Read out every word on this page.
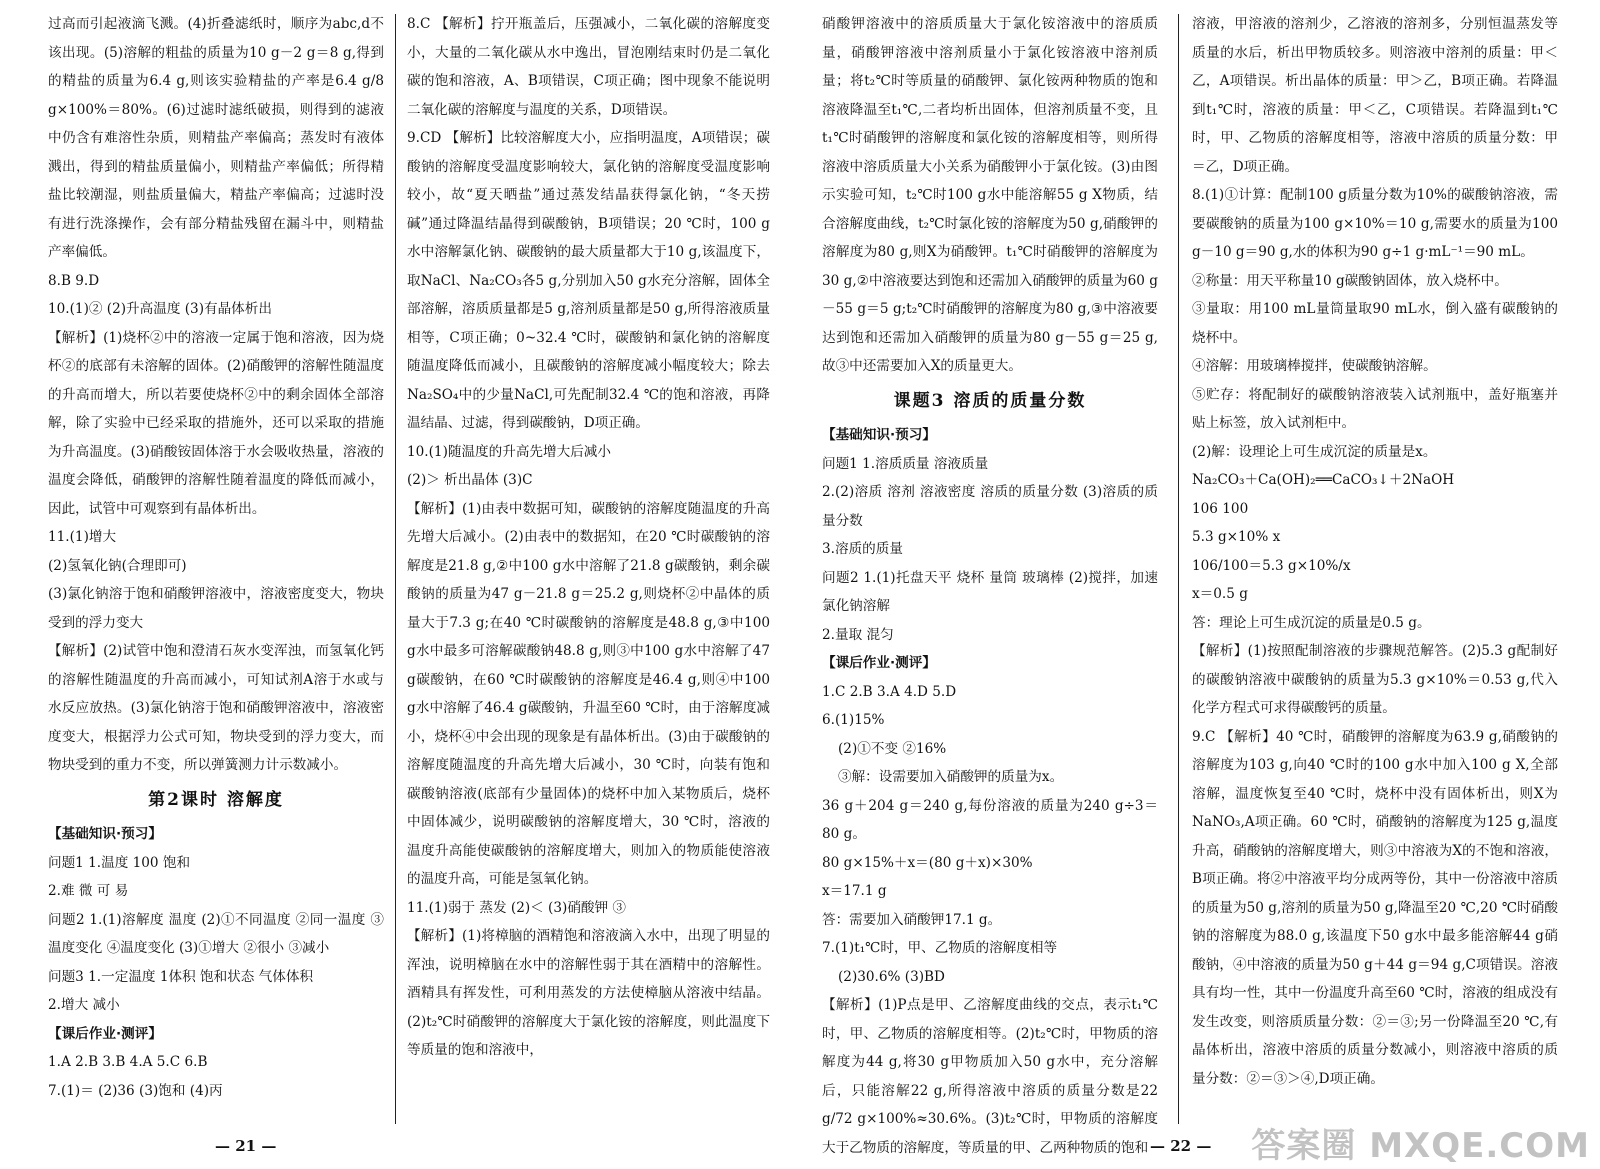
过高而引起液滴飞溅。(4)折叠滤纸时，顺序为abc,d不该出现。(5)溶解的粗盐的质量为10 g－2 g＝8 g,得到的精盐的质量为6.4 g,则该实验精盐的产率是6.4 g/8 g×100%＝80%。(6)过滤时滤纸破损，则得到的滤液中仍含有难溶性杂质，则精盐产率偏高；蒸发时有液体溅出，得到的精盐质量偏小，则精盐产率偏低；所得精盐比较潮湿，则盐质量偏大，精盐产率偏高；过滤时没有进行洗涤操作，会有部分精盐残留在漏斗中，则精盐产率偏低。

8.B 9.D

10.(1)② (2)升高温度 (3)有晶体析出

【解析】(1)烧杯②中的溶液一定属于饱和溶液，因为烧杯②的底部有未溶解的固体。(2)硝酸钾的溶解性随温度的升高而增大，所以若要使烧杯②中的剩余固体全部溶解，除了实验中已经采取的措施外，还可以采取的措施为升高温度。(3)硝酸铵固体溶于水会吸收热量，溶液的温度会降低，硝酸钾的溶解性随着温度的降低而减小，因此，试管中可观察到有晶体析出。

11.(1)增大

(2)氢氧化钠(合理即可)

(3)氯化钠溶于饱和硝酸钾溶液中，溶液密度变大，物块受到的浮力变大

【解析】(2)试管中饱和澄清石灰水变浑浊，而氢氧化钙的溶解性随温度的升高而减小，可知试剂A溶于水或与水反应放热。(3)氯化钠溶于饱和硝酸钾溶液中，溶液密度变大，根据浮力公式可知，物块受到的浮力变大，而物块受到的重力不变，所以弹簧测力计示数减小。

第2课时 溶解度

【基础知识·预习】

问题1 1.温度 100 饱和

2.难 微 可 易

问题2 1.(1)溶解度 温度 (2)①不同温度 ②同一温度 ③温度变化 ④温度变化 (3)①增大 ②很小 ③减小

问题3 1.一定温度 1体积 饱和状态 气体体积

2.增大 减小

【课后作业·测评】

1.A 2.B 3.B 4.A 5.C 6.B

7.(1)＝ (2)36 (3)饱和 (4)丙

8.C 【解析】拧开瓶盖后，压强减小，二氧化碳的溶解度变小，大量的二氧化碳从水中逸出，冒泡刚结束时仍是二氧化碳的饱和溶液，A、B项错误，C项正确；图中现象不能说明二氧化碳的溶解度与温度的关系，D项错误。

9.CD 【解析】比较溶解度大小，应指明温度，A项错误；碳酸钠的溶解度受温度影响较大，氯化钠的溶解度受温度影响较小，故“夏天晒盐”通过蒸发结晶获得氯化钠，“冬天捞碱”通过降温结晶得到碳酸钠，B项错误；20 ℃时，100 g水中溶解氯化钠、碳酸钠的最大质量都大于10 g,该温度下，取NaCl、Na₂CO₃各5 g,分别加入50 g水充分溶解，固体全部溶解，溶质质量都是5 g,溶剂质量都是50 g,所得溶液质量相等，C项正确；0~32.4 ℃时，碳酸钠和氯化钠的溶解度随温度降低而减小，且碳酸钠的溶解度减小幅度较大；除去Na₂SO₄中的少量NaCl,可先配制32.4 ℃的饱和溶液，再降温结晶、过滤，得到碳酸钠，D项正确。

10.(1)随温度的升高先增大后减小

(2)＞ 析出晶体 (3)C

【解析】(1)由表中数据可知，碳酸钠的溶解度随温度的升高先增大后减小。(2)由表中的数据知，在20 ℃时碳酸钠的溶解度是21.8 g,②中100 g水中溶解了21.8 g碳酸钠，剩余碳酸钠的质量为47 g－21.8 g＝25.2 g,则烧杯②中晶体的质量大于7.3 g;在40 ℃时碳酸钠的溶解度是48.8 g,③中100 g水中最多可溶解碳酸钠48.8 g,则③中100 g水中溶解了47 g碳酸钠，在60 ℃时碳酸钠的溶解度是46.4 g,则④中100 g水中溶解了46.4 g碳酸钠，升温至60 ℃时，由于溶解度减小，烧杯④中会出现的现象是有晶体析出。(3)由于碳酸钠的溶解度随温度的升高先增大后减小，30 ℃时，向装有饱和碳酸钠溶液(底部有少量固体)的烧杯中加入某物质后，烧杯中固体减少，说明碳酸钠的溶解度增大，30 ℃时，溶液的温度升高能使碳酸钠的溶解度增大，则加入的物质能使溶液的温度升高，可能是氢氧化钠。

11.(1)弱于 蒸发 (2)＜ (3)硝酸钾 ③

【解析】(1)将樟脑的酒精饱和溶液滴入水中，出现了明显的浑浊，说明樟脑在水中的溶解性弱于其在酒精中的溶解性。酒精具有挥发性，可利用蒸发的方法使樟脑从溶液中结晶。(2)t₂℃时硝酸钾的溶解度大于氯化铵的溶解度，则此温度下等质量的饱和溶液中，

硝酸钾溶液中的溶质质量大于氯化铵溶液中的溶质质量，硝酸钾溶液中溶剂质量小于氯化铵溶液中溶剂质量；将t₂℃时等质量的硝酸钾、氯化铵两种物质的饱和溶液降温至t₁℃,二者均析出固体，但溶剂质量不变，且t₁℃时硝酸钾的溶解度和氯化铵的溶解度相等，则所得溶液中溶质质量大小关系为硝酸钾小于氯化铵。(3)由图示实验可知，t₂℃时100 g水中能溶解55 g X物质，结合溶解度曲线，t₂℃时氯化铵的溶解度为50 g,硝酸钾的溶解度为80 g,则X为硝酸钾。t₁℃时硝酸钾的溶解度为30 g,②中溶液要达到饱和还需加入硝酸钾的质量为60 g－55 g＝5 g;t₂℃时硝酸钾的溶解度为80 g,③中溶液要达到饱和还需加入硝酸钾的质量为80 g－55 g＝25 g,故③中还需要加入X的质量更大。

课题3 溶质的质量分数

【基础知识·预习】

问题1 1.溶质质量 溶液质量

2.(2)溶质 溶剂 溶液密度 溶质的质量分数 (3)溶质的质量分数

3.溶质的质量

问题2 1.(1)托盘天平 烧杯 量筒 玻璃棒 (2)搅拌，加速氯化钠溶解

2.量取 混匀

【课后作业·测评】

1.C 2.B 3.A 4.D 5.D

6.(1)15%

(2)①不变 ②16%

③解：设需要加入硝酸钾的质量为x。

36 g＋204 g＝240 g,每份溶液的质量为240 g÷3＝80 g。

80 g×15%＋x＝(80 g＋x)×30%

x＝17.1 g

答：需要加入硝酸钾17.1 g。

7.(1)t₁℃时，甲、乙物质的溶解度相等

(2)30.6% (3)BD

【解析】(1)P点是甲、乙溶解度曲线的交点，表示t₁℃时，甲、乙物质的溶解度相等。(2)t₂℃时，甲物质的溶解度为44 g,将30 g甲物质加入50 g水中，充分溶解后，只能溶解22 g,所得溶液中溶质的质量分数是22 g/72 g×100%≈30.6%。(3)t₂℃时，甲物质的溶解度大于乙物质的溶解度，等质量的甲、乙两种物质的饱和

溶液，甲溶液的溶剂少，乙溶液的溶剂多，分别恒温蒸发等质量的水后，析出甲物质较多。则溶液中溶剂的质量：甲＜乙，A项错误。析出晶体的质量：甲＞乙，B项正确。若降温到t₁℃时，溶液的质量：甲＜乙，C项错误。若降温到t₁℃时，甲、乙物质的溶解度相等，溶液中溶质的质量分数：甲＝乙，D项正确。

8.(1)①计算：配制100 g质量分数为10%的碳酸钠溶液，需要碳酸钠的质量为100 g×10%＝10 g,需要水的质量为100 g－10 g＝90 g,水的体积为90 g÷1 g·mL⁻¹＝90 mL。

②称量：用天平称量10 g碳酸钠固体，放入烧杯中。

③量取：用100 mL量筒量取90 mL水，倒入盛有碳酸钠的烧杯中。

④溶解：用玻璃棒搅拌，使碳酸钠溶解。

⑤贮存：将配制好的碳酸钠溶液装入试剂瓶中，盖好瓶塞并贴上标签，放入试剂柜中。

(2)解：设理论上可生成沉淀的质量是x。

Na₂CO₃＋Ca(OH)₂══CaCO₃↓＋2NaOH

106 100

5.3 g×10% x

106/100＝5.3 g×10%/x

x＝0.5 g

答：理论上可生成沉淀的质量是0.5 g。

【解析】(1)按照配制溶液的步骤规范解答。(2)5.3 g配制好的碳酸钠溶液中碳酸钠的质量为5.3 g×10%＝0.53 g,代入化学方程式可求得碳酸钙的质量。

9.C 【解析】40 ℃时，硝酸钾的溶解度为63.9 g,硝酸钠的溶解度为103 g,向40 ℃时的100 g水中加入100 g X,全部溶解，温度恢复至40 ℃时，烧杯中没有固体析出，则X为NaNO₃,A项正确。60 ℃时，硝酸钠的溶解度为125 g,温度升高，硝酸钠的溶解度增大，则③中溶液为X的不饱和溶液，B项正确。将②中溶液平均分成两等份，其中一份溶液中溶质的质量为50 g,溶剂的质量为50 g,降温至20 ℃,20 ℃时硝酸钠的溶解度为88.0 g,该温度下50 g水中最多能溶解44 g硝酸钠，④中溶液的质量为50 g＋44 g＝94 g,C项错误。溶液具有均一性，其中一份温度升高至60 ℃时，溶液的组成没有发生改变，则溶质质量分数：②＝③;另一份降温至20 ℃,有晶体析出，溶液中溶质的质量分数减小，则溶液中溶质的质量分数：②＝③＞④,D项正确。

— 21 —	— 22 — 答案圈 MXQE.COM
